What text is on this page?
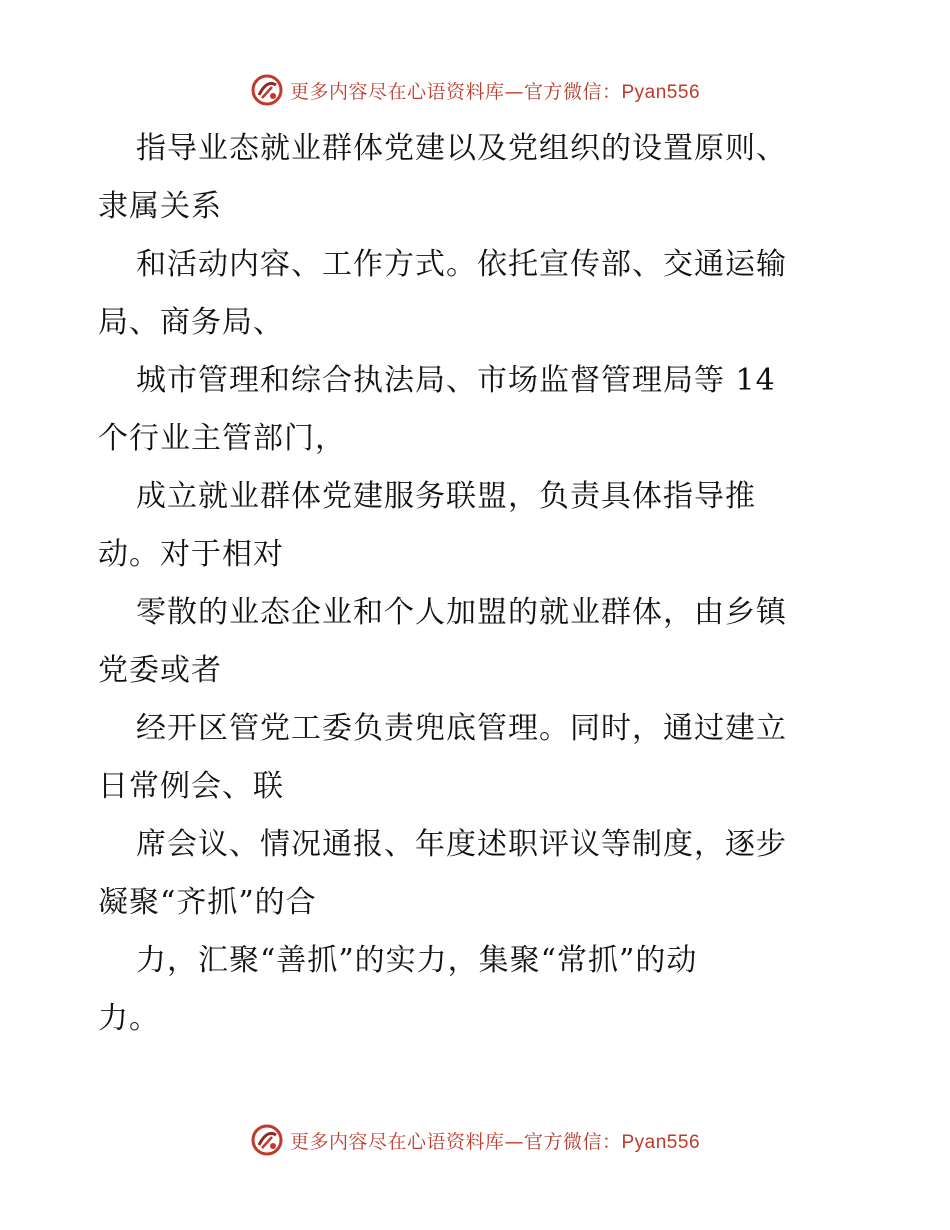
更多内容尽在心语资料库—官方微信：Pyan556
指导业态就业群体党建以及党组织的设置原则、
隶属关系
和活动内容、工作方式。依托宣传部、交通运输
局、商务局、
城市管理和综合执法局、市场监督管理局等 14
个行业主管部门，
成立就业群体党建服务联盟，负责具体指导推
动。对于相对
零散的业态企业和个人加盟的就业群体，由乡镇
党委或者
经开区管党工委负责兜底管理。同时，通过建立
日常例会、联
席会议、情况通报、年度述职评议等制度，逐步
凝聚“齐抓”的合
力，汇聚“善抓”的实力，集聚“常抓”的动
力。
更多内容尽在心语资料库—官方微信：Pyan556
